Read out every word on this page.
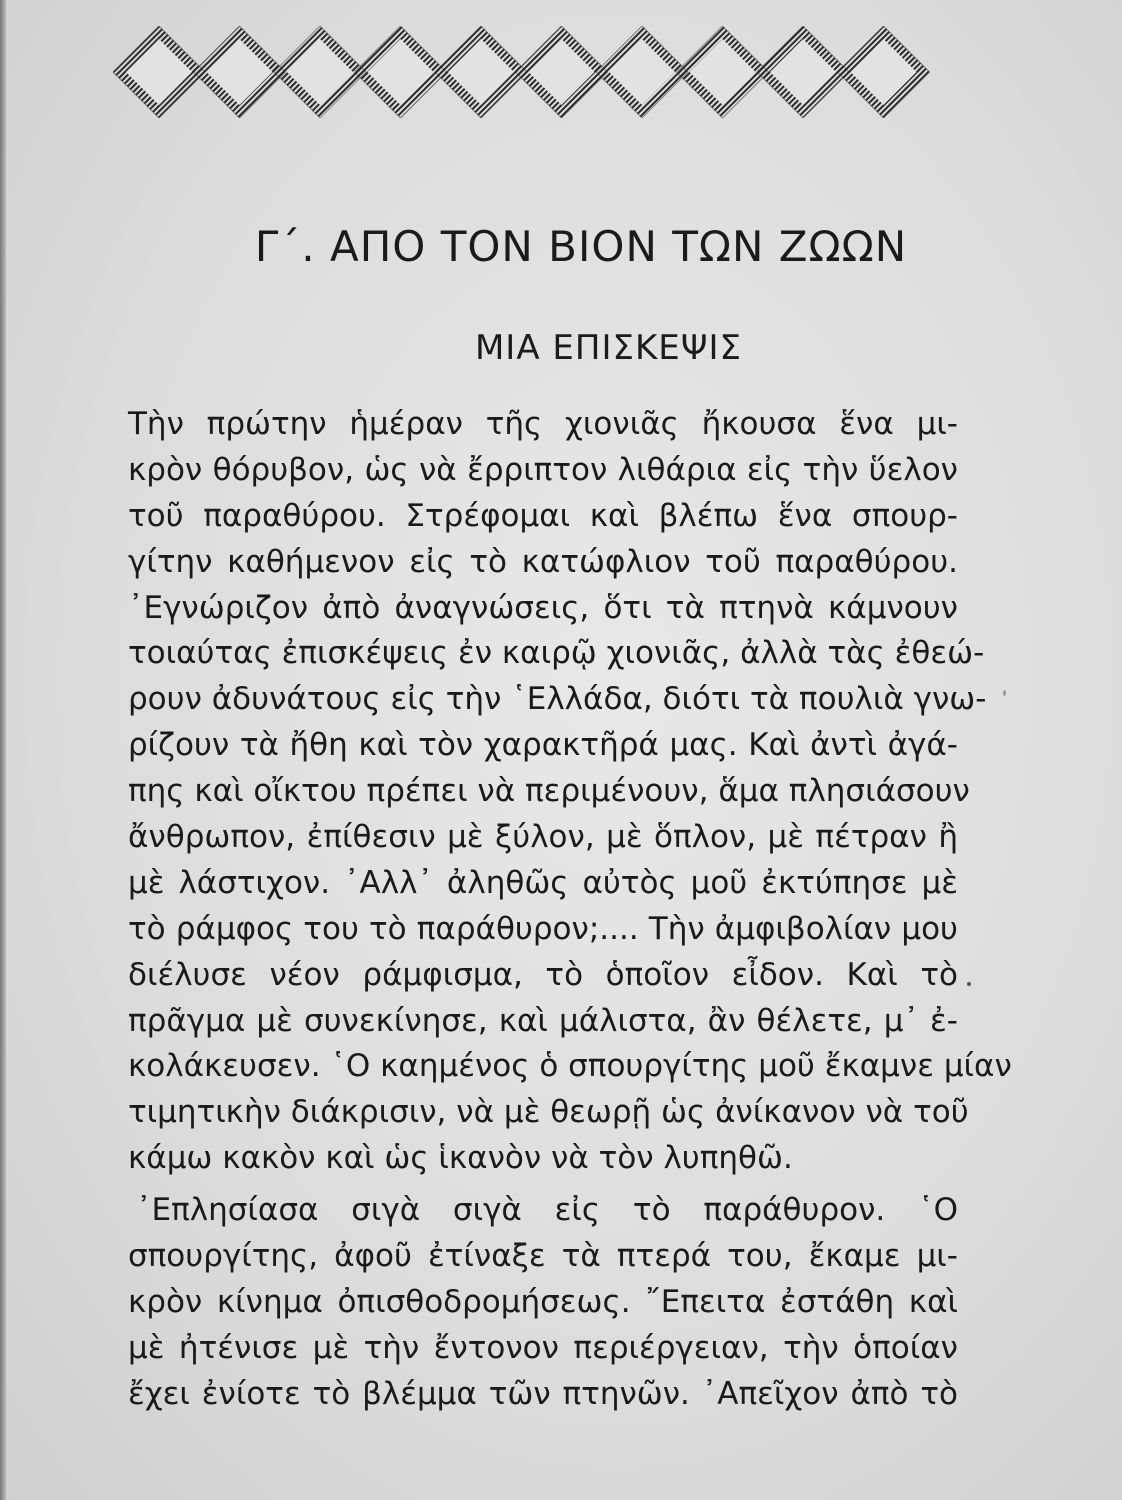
Γ΄. ΑΠΟ ΤΟΝ ΒΙΟΝ ΤΩΝ ΖΩΩΝ
ΜΙΑ ΕΠΙΣΚΕΨΙΣ
Τὴν πρώτην ἡμέραν τῆς χιονιᾶς ἤκουσα ἕνα μι-
κρὸν θόρυβον, ὡς νὰ ἔρριπτον λιθάρια εἰς τὴν ὕελον
τοῦ παραθύρου. Στρέφομαι καὶ βλέπω ἕνα σπουρ-
γίτην καθήμενον εἰς τὸ κατώφλιον τοῦ παραθύρου.
᾿Εγνώριζον ἀπὸ ἀναγνώσεις, ὅτι τὰ πτηνὰ κάμνουν
τοιαύτας ἐπισκέψεις ἐν καιρῷ χιονιᾶς, ἀλλὰ τὰς ἐθεώ-
ρουν ἀδυνάτους εἰς τὴν ῾Ελλάδα, διότι τὰ πουλιὰ γνω-
ρίζουν τὰ ἤθη καὶ τὸν χαρακτῆρά μας. Καὶ ἀντὶ ἀγά-
πης καὶ οἴκτου πρέπει νὰ περιμένουν, ἅμα πλησιάσουν
ἄνθρωπον, ἐπίθεσιν μὲ ξύλον, μὲ ὅπλον, μὲ πέτραν ἢ
μὲ λάστιχον. ᾿Αλλ᾿ ἀληθῶς αὐτὸς μοῦ ἐκτύπησε μὲ
τὸ ράμφος του τὸ παράθυρον;.... Τὴν ἀμφιβολίαν μου
διέλυσε νέον ράμφισμα, τὸ ὁποῖον εἶδον. Καὶ τὸ
πρᾶγμα μὲ συνεκίνησε, καὶ μάλιστα, ἂν θέλετε, μ᾿ ἐ-
κολάκευσεν. ῾Ο καημένος ὁ σπουργίτης μοῦ ἔκαμνε μίαν
τιμητικὴν διάκρισιν, νὰ μὲ θεωρῇ ὡς ἀνίκανον νὰ τοῦ
κάμω κακὸν καὶ ὡς ἱκανὸν νὰ τὸν λυπηθῶ.
᾿Επλησίασα σιγὰ σιγὰ εἰς τὸ παράθυρον. ῾Ο
σπουργίτης, ἀφοῦ ἐτίναξε τὰ πτερά του, ἔκαμε μι-
κρὸν κίνημα ὀπισθοδρομήσεως. ῎Επειτα ἐστάθη καὶ
μὲ ἠτένισε μὲ τὴν ἔντονον περιέργειαν, τὴν ὁποίαν
ἔχει ἐνίοτε τὸ βλέμμα τῶν πτηνῶν. ᾿Απεῖχον ἀπὸ τὸ
